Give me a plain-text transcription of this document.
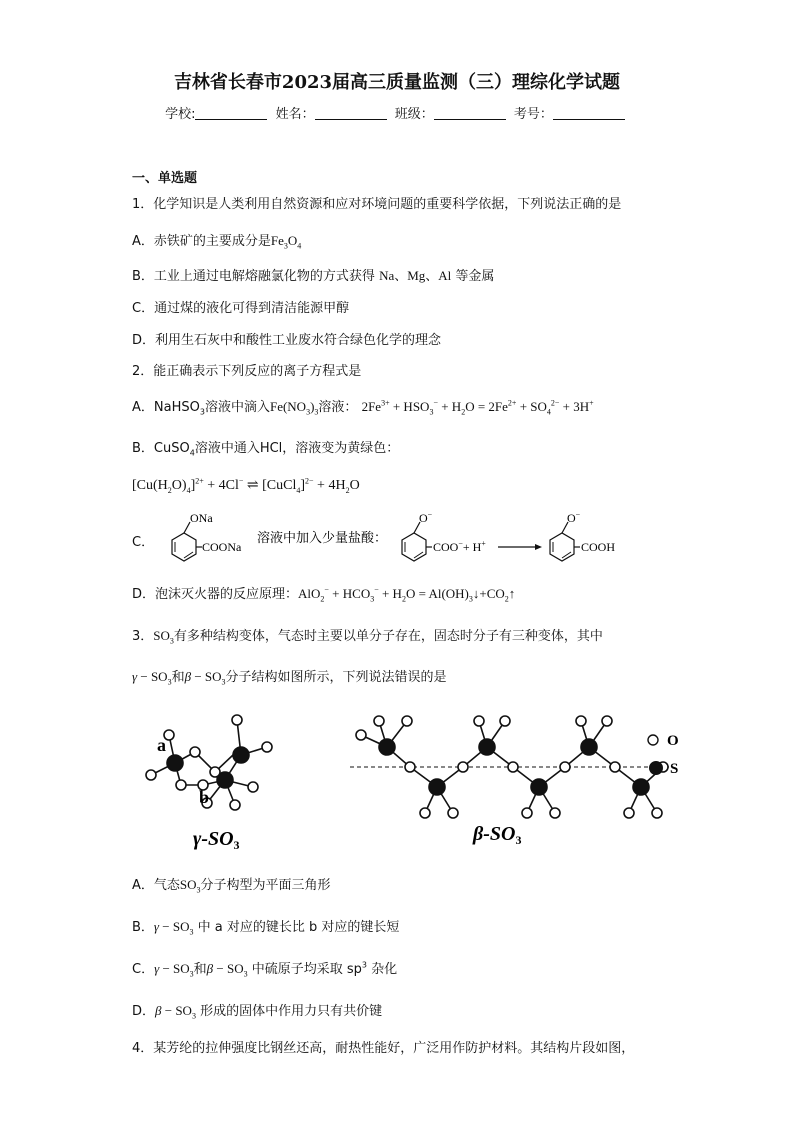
吉林省长春市2023届高三质量监测（三）理综化学试题
学校:	姓名：	班级：	考号：
一、单选题
1．化学知识是人类利用自然资源和应对环境问题的重要科学依据，下列说法正确的是
A．赤铁矿的主要成分是$Fe_3O_4$
B．工业上通过电解熔融氯化物的方式获得 Na、Mg、Al 等金属
C．通过煤的液化可得到清洁能源甲醇
D．利用生石灰中和酸性工业废水符合绿色化学的理念
2．能正确表示下列反应的离子方程式是
A．NaHSO$_3$溶液中滴入$Fe(NO_3)_3$溶液： $2Fe^{3+} + HSO_3^- + H_2O = 2Fe^{2+} + SO_4^{2-} + 3H^+$
B．CuSO$_4$溶液中通入HCl，溶液变为黄绿色：
$[Cu(H_2O)_4]^{2+} + 4Cl^-$ ⇌ [CuCl$_4$]$^{2-}$ + $4H_2O$
C．
ONa
COONa
溶液中加入少量盐酸：
O−
COO−+ H+
O−
COOH
D．泡沫灭火器的反应原理：$AlO_2^- + HCO_3^- + H_2O$ = $Al(OH)_3↓+CO_2↑$
3．$SO_3$有多种结构变体，气态时主要以单分子存在，固态时分子有三种变体，其中
$\gamma - SO_3$和$\beta - SO_3$分子结构如图所示，下列说法错误的是
a
b
$\gamma-SO_3$	$\beta-SO_3$
O
S
A．气态$SO_3$分子构型为平面三角形
B．$\gamma - SO_3$ 中 a 对应的键长比 b 对应的键长短
C．$\gamma - SO_3$和$\beta - SO_3$ 中硫原子均采取 $sp^3$ 杂化
D．$\beta - SO_3$ 形成的固体中作用力只有共价键
4．某芳纶的拉伸强度比钢丝还高，耐热性能好，广泛用作防护材料。其结构片段如图，
